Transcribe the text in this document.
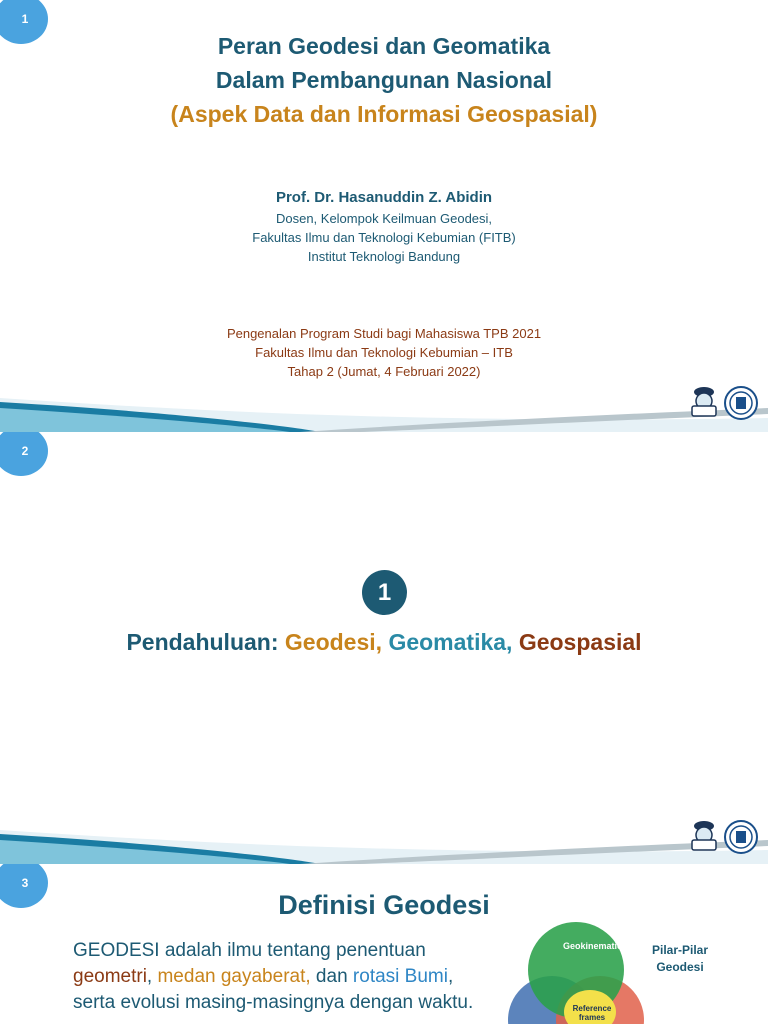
1
Peran Geodesi dan Geomatika
Dalam Pembangunan Nasional
(Aspek Data dan Informasi Geospasial)
Prof. Dr. Hasanuddin Z. Abidin
Dosen, Kelompok Keilmuan Geodesi,
Fakultas Ilmu dan Teknologi Kebumian (FITB)
Institut Teknologi Bandung
Pengenalan Program Studi bagi Mahasiswa TPB 2021
Fakultas Ilmu dan Teknologi Kebumian – ITB
Tahap 2 (Jumat, 4 Februari 2022)
2
1
Pendahuluan: Geodesi, Geomatika, Geospasial
3
Definisi Geodesi
GEODESI adalah ilmu tentang penentuan
geometri, medan gayaberat, dan rotasi Bumi,
serta evolusi masing-masingnya dengan waktu.
Geokinematics
Reference
frames
Pilar-Pilar
Geodesi
